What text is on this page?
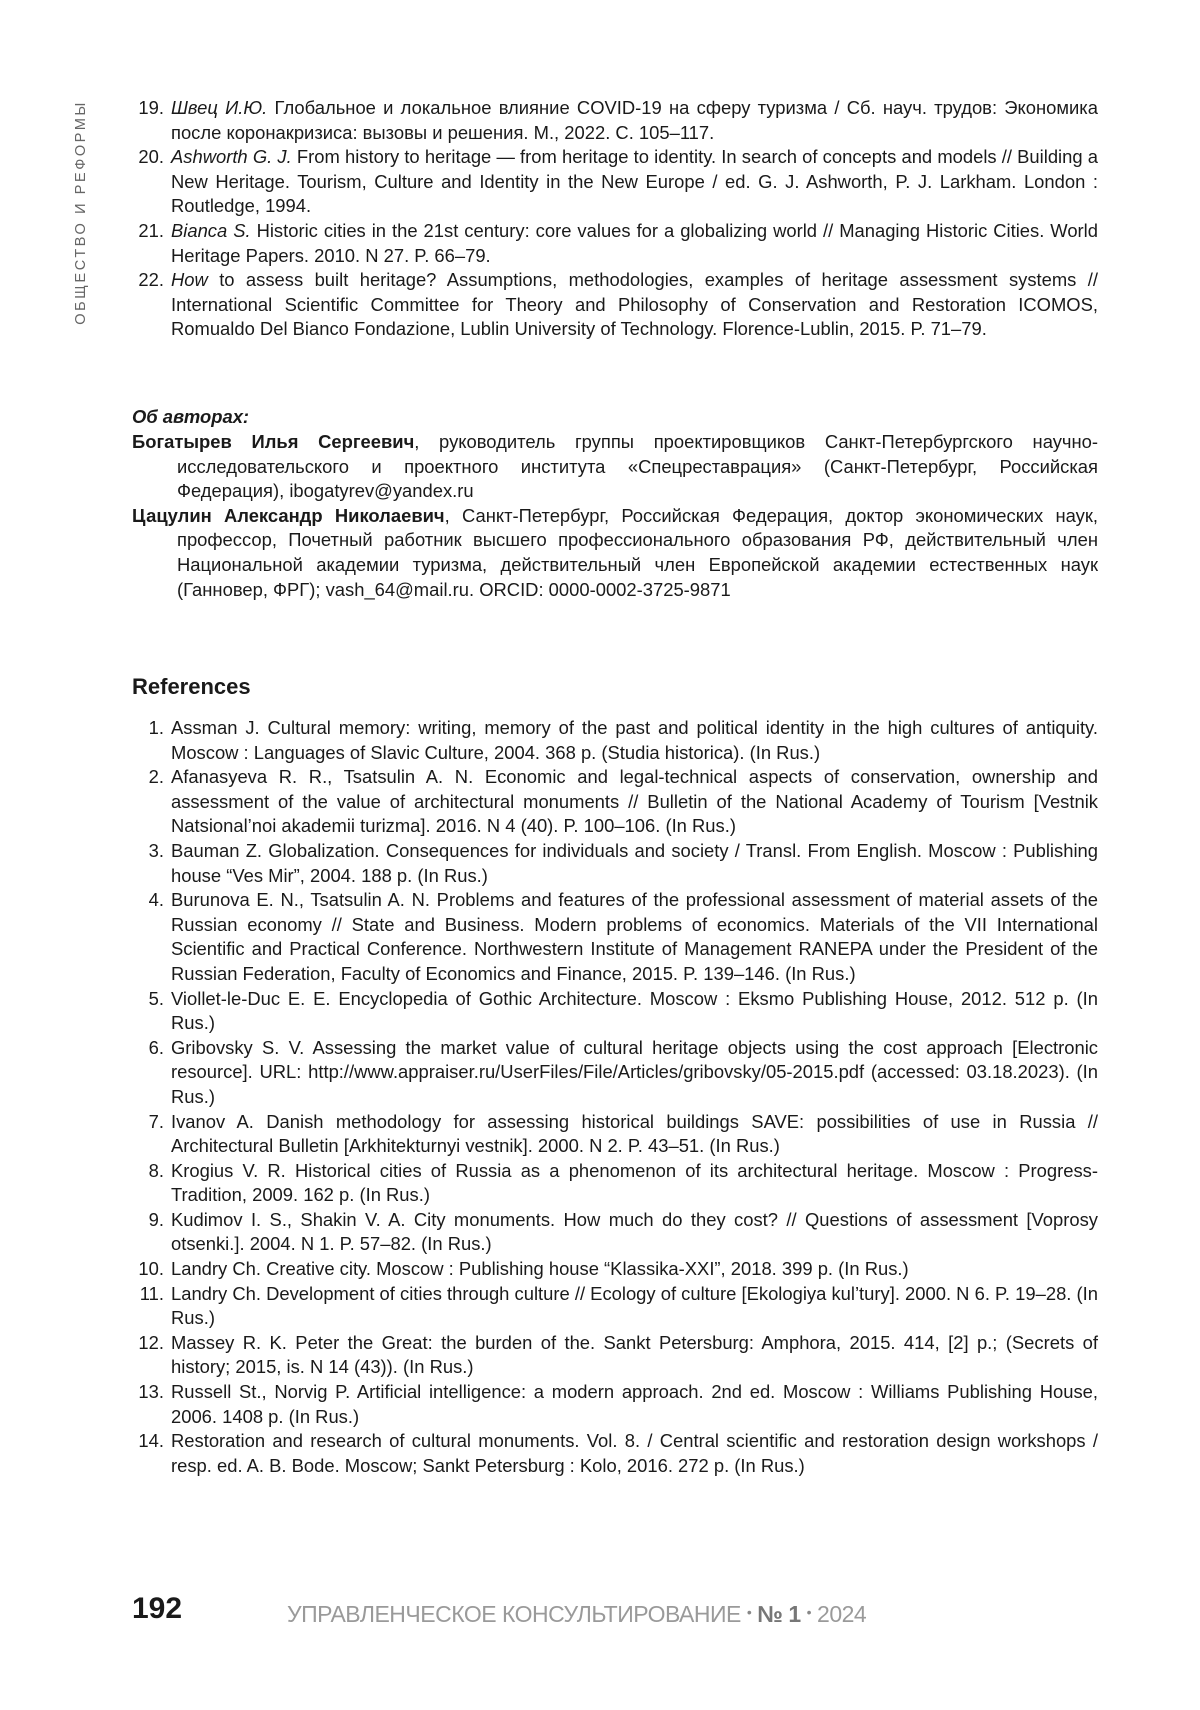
ОБЩЕСТВО И РЕФОРМЫ	19. Швец И.Ю. Глобальное и локальное влияние COVID-19 на сферу туризма / Сб. науч. трудов: Экономика после коронакризиса: вызовы и решения. М., 2022. С. 105–117.
20. Ashworth G. J. From history to heritage — from heritage to identity. In search of concepts and models // Building a New Heritage. Tourism, Culture and Identity in the New Europe / ed. G. J. Ashworth, P. J. Larkham. London : Routledge, 1994.
21. Bianca S. Historic cities in the 21st century: core values for a globalizing world // Managing Historic Cities. World Heritage Papers. 2010. N 27. P. 66–79.
22. How to assess built heritage? Assumptions, methodologies, examples of heritage assessment systems // International Scientific Committee for Theory and Philosophy of Conservation and Restoration ICOMOS, Romualdo Del Bianco Fondazione, Lublin University of Technology. Florence-Lublin, 2015. P. 71–79.
Об авторах:
Богатырев Илья Сергеевич, руководитель группы проектировщиков Санкт-Петербургского научно-исследовательского и проектного института «Спецреставрация» (Санкт-Петербург, Российская Федерация), ibogatyrev@yandex.ru
Цацулин Александр Николаевич, Санкт-Петербург, Российская Федерация, доктор экономических наук, профессор, Почетный работник высшего профессионального образования РФ, действительный член Национальной академии туризма, действительный член Европейской академии естественных наук (Ганновер, ФРГ); vash_64@mail.ru. ORCID: 0000-0002-3725-9871
References
1. Assman J. Cultural memory: writing, memory of the past and political identity in the high cultures of antiquity. Moscow : Languages of Slavic Culture, 2004. 368 p. (Studia historica). (In Rus.)
2. Afanasyeva R. R., Tsatsulin A. N. Economic and legal-technical aspects of conservation, ownership and assessment of the value of architectural monuments // Bulletin of the National Academy of Tourism [Vestnik Natsional’noi akademii turizma]. 2016. N 4 (40). P. 100–106. (In Rus.)
3. Bauman Z. Globalization. Consequences for individuals and society / Transl. From English. Moscow : Publishing house “Ves Mir”, 2004. 188 p. (In Rus.)
4. Burunova E. N., Tsatsulin A. N. Problems and features of the professional assessment of material assets of the Russian economy // State and Business. Modern problems of economics. Materials of the VII International Scientific and Practical Conference. Northwestern Institute of Management RANEPA under the President of the Russian Federation, Faculty of Economics and Finance, 2015. P. 139–146. (In Rus.)
5. Viollet-le-Duc E. E. Encyclopedia of Gothic Architecture. Moscow : Eksmo Publishing House, 2012. 512 p. (In Rus.)
6. Gribovsky S. V. Assessing the market value of cultural heritage objects using the cost approach [Electronic resource]. URL: http://www.appraiser.ru/UserFiles/File/Articles/gribovsky/05-2015.pdf (accessed: 03.18.2023). (In Rus.)
7. Ivanov A. Danish methodology for assessing historical buildings SAVE: possibilities of use in Russia // Architectural Bulletin [Arkhitekturnyi vestnik]. 2000. N 2. P. 43–51. (In Rus.)
8. Krogius V. R. Historical cities of Russia as a phenomenon of its architectural heritage. Moscow : Progress-Tradition, 2009. 162 p. (In Rus.)
9. Kudimov I. S., Shakin V. A. City monuments. How much do they cost? // Questions of assessment [Voprosy otsenki.]. 2004. N 1. P. 57–82. (In Rus.)
10. Landry Ch. Creative city. Moscow : Publishing house “Klassika-XXI”, 2018. 399 p. (In Rus.)
11. Landry Ch. Development of cities through culture // Ecology of culture [Ekologiya kul’tury]. 2000. N 6. P. 19–28. (In Rus.)
12. Massey R. K. Peter the Great: the burden of the. Sankt Petersburg: Amphora, 2015. 414, [2] p.; (Secrets of history; 2015, is. N 14 (43)). (In Rus.)
13. Russell St., Norvig P. Artificial intelligence: a modern approach. 2nd ed. Moscow : Williams Publishing House, 2006. 1408 p. (In Rus.)
14. Restoration and research of cultural monuments. Vol. 8. / Central scientific and restoration design workshops / resp. ed. A. B. Bode. Moscow; Sankt Petersburg : Kolo, 2016. 272 p. (In Rus.)
192	УПРАВЛЕНЧЕСКОЕ КОНСУЛЬТИРОВАНИЕ • № 1 • 2024
